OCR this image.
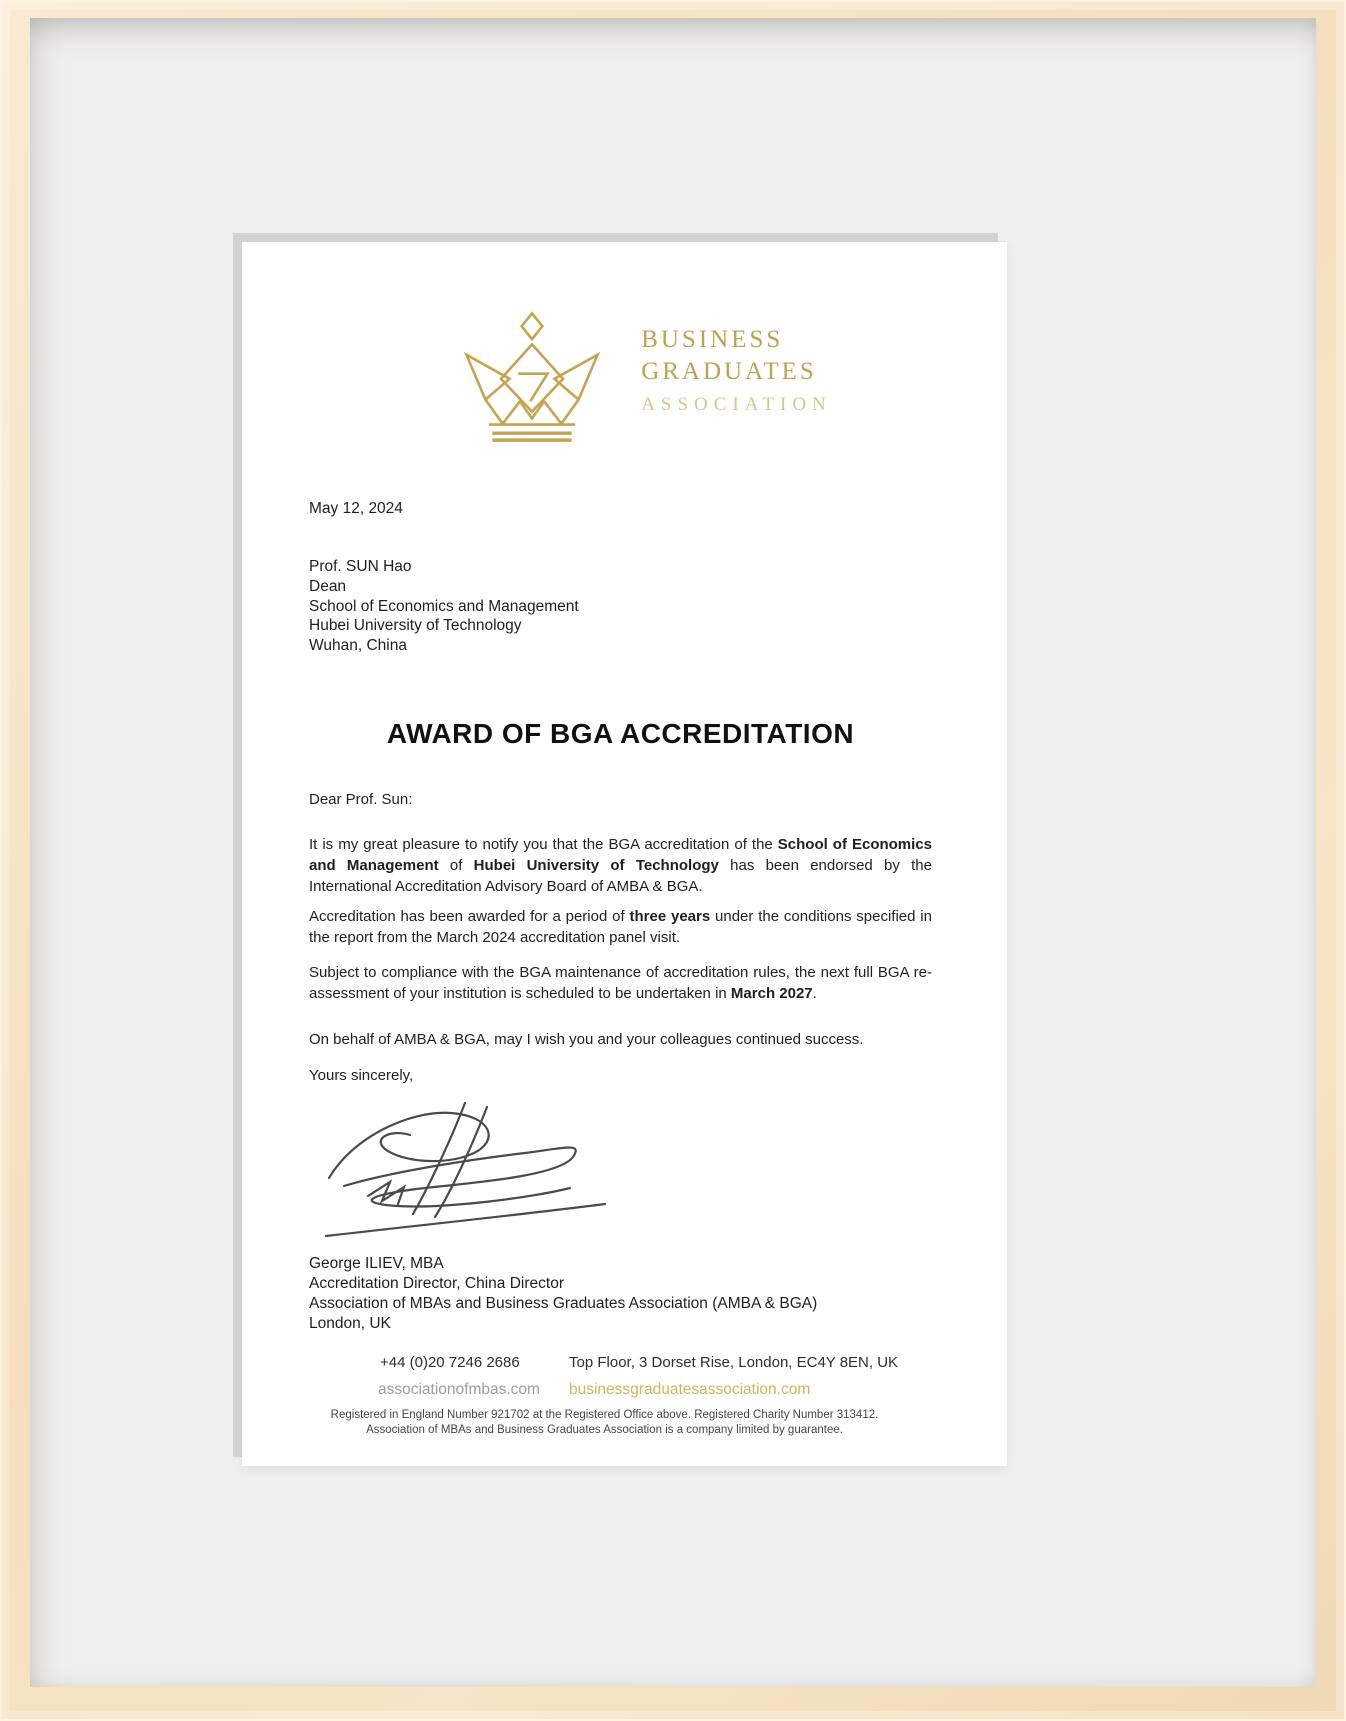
BUSINESS
GRADUATES
ASSOCIATION
May 12, 2024
Prof. SUN Hao
Dean
School of Economics and Management
Hubei University of Technology
Wuhan, China
AWARD OF BGA ACCREDITATION
Dear Prof. Sun:

It is my great pleasure to notify you that the BGA accreditation of the School of Economics and Management of Hubei University of Technology has been endorsed by the International Accreditation Advisory Board of AMBA & BGA.

Accreditation has been awarded for a period of three years under the conditions specified in the report from the March 2024 accreditation panel visit.

Subject to compliance with the BGA maintenance of accreditation rules, the next full BGA re-assessment of your institution is scheduled to be undertaken in March 2027.

On behalf of AMBA & BGA, may I wish you and your colleagues continued success.

Yours sincerely,
George ILIEV, MBA
Accreditation Director, China Director
Association of MBAs and Business Graduates Association (AMBA & BGA)
London, UK
+44 (0)20 7246 2686	Top Floor, 3 Dorset Rise, London, EC4Y 8EN, UK
associationofmbas.com businessgraduatesassociation.com
Registered in England Number 921702 at the Registered Office above. Registered Charity Number 313412.
Association of MBAs and Business Graduates Association is a company limited by guarantee.
